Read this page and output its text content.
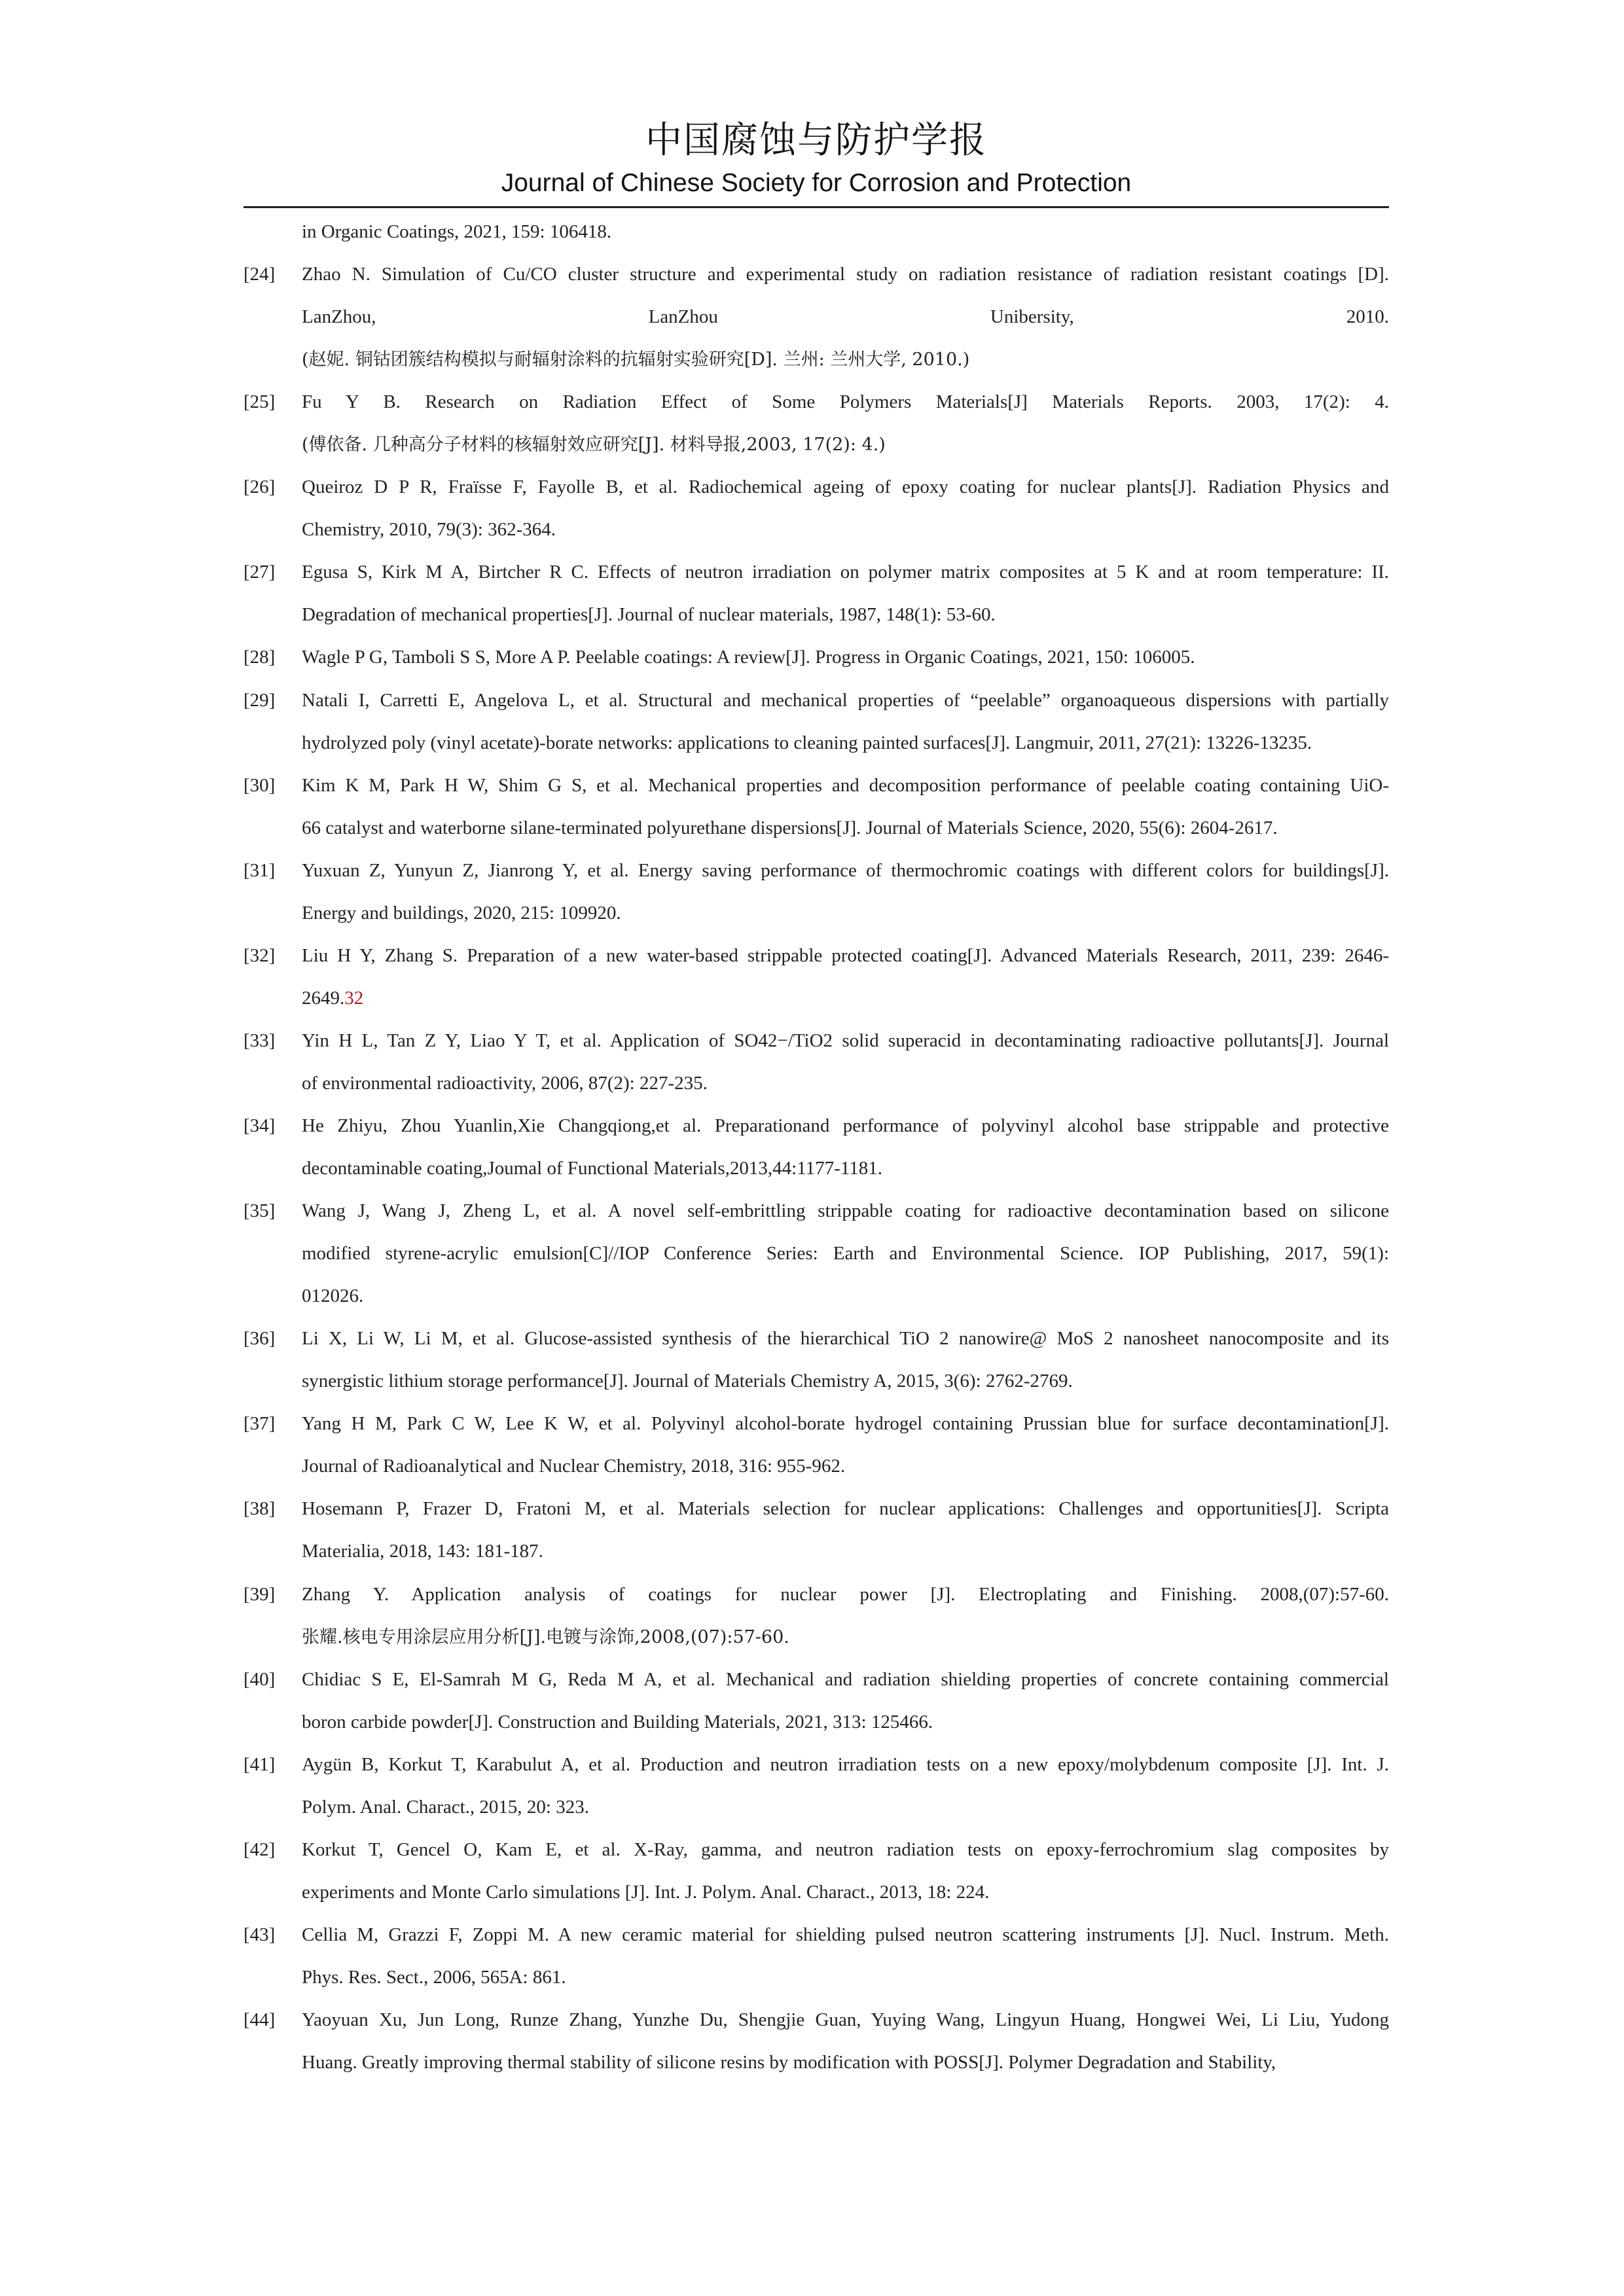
中国腐蚀与防护学报
Journal of Chinese Society for Corrosion and Protection
in Organic Coatings, 2021, 159: 106418.
[24]	Zhao N. Simulation of Cu/CO cluster structure and experimental study on radiation resistance of radiation resistant coatings [D].
LanZhou, LanZhou Unibersity, 2010.
(赵妮. 铜钴团簇结构模拟与耐辐射涂料的抗辐射实验研究[D]. 兰州: 兰州大学, 2010.)
[25]	Fu Y B. Research on Radiation Effect of Some Polymers Materials[J] Materials Reports. 2003, 17(2): 4.
(傅依备. 几种高分子材料的核辐射效应研究[J]. 材料导报,2003, 17(2): 4.)
[26]	Queiroz D P R, Fraïsse F, Fayolle B, et al. Radiochemical ageing of epoxy coating for nuclear plants[J]. Radiation Physics and
Chemistry, 2010, 79(3): 362-364.
[27]	Egusa S, Kirk M A, Birtcher R C. Effects of neutron irradiation on polymer matrix composites at 5 K and at room temperature: II.
Degradation of mechanical properties[J]. Journal of nuclear materials, 1987, 148(1): 53-60.
[28]	Wagle P G, Tamboli S S, More A P. Peelable coatings: A review[J]. Progress in Organic Coatings, 2021, 150: 106005.
[29]	Natali I, Carretti E, Angelova L, et al. Structural and mechanical properties of “peelable” organoaqueous dispersions with partially
hydrolyzed poly (vinyl acetate)-borate networks: applications to cleaning painted surfaces[J]. Langmuir, 2011, 27(21): 13226-13235.
[30]	Kim K M, Park H W, Shim G S, et al. Mechanical properties and decomposition performance of peelable coating containing UiO-
66 catalyst and waterborne silane-terminated polyurethane dispersions[J]. Journal of Materials Science, 2020, 55(6): 2604-2617.
[31]	Yuxuan Z, Yunyun Z, Jianrong Y, et al. Energy saving performance of thermochromic coatings with different colors for buildings[J].
Energy and buildings, 2020, 215: 109920.
[32]	Liu H Y, Zhang S. Preparation of a new water-based strippable protected coating[J]. Advanced Materials Research, 2011, 239: 2646-
2649.32
[33]	Yin H L, Tan Z Y, Liao Y T, et al. Application of SO42−/TiO2 solid superacid in decontaminating radioactive pollutants[J]. Journal
of environmental radioactivity, 2006, 87(2): 227-235.
[34]	He Zhiyu, Zhou Yuanlin,Xie Changqiong,et al. Preparationand performance of polyvinyl alcohol base strippable and protective
decontaminable coating,Joumal of Functional Materials,2013,44:1177-1181.
[35]	Wang J, Wang J, Zheng L, et al. A novel self-embrittling strippable coating for radioactive decontamination based on silicone
modified styrene-acrylic emulsion[C]//IOP Conference Series: Earth and Environmental Science. IOP Publishing, 2017, 59(1):
012026.
[36]	Li X, Li W, Li M, et al. Glucose-assisted synthesis of the hierarchical TiO 2 nanowire@ MoS 2 nanosheet nanocomposite and its
synergistic lithium storage performance[J]. Journal of Materials Chemistry A, 2015, 3(6): 2762-2769.
[37]	Yang H M, Park C W, Lee K W, et al. Polyvinyl alcohol-borate hydrogel containing Prussian blue for surface decontamination[J].
Journal of Radioanalytical and Nuclear Chemistry, 2018, 316: 955-962.
[38]	Hosemann P, Frazer D, Fratoni M, et al. Materials selection for nuclear applications: Challenges and opportunities[J]. Scripta
Materialia, 2018, 143: 181-187.
[39]	Zhang Y. Application analysis of coatings for nuclear power [J]. Electroplating and Finishing. 2008,(07):57-60.
张耀.核电专用涂层应用分析[J].电镀与涂饰,2008,(07):57-60.
[40]	Chidiac S E, El-Samrah M G, Reda M A, et al. Mechanical and radiation shielding properties of concrete containing commercial
boron carbide powder[J]. Construction and Building Materials, 2021, 313: 125466.
[41]	Aygün B, Korkut T, Karabulut A, et al. Production and neutron irradiation tests on a new epoxy/molybdenum composite [J]. Int. J.
Polym. Anal. Charact., 2015, 20: 323.
[42]	Korkut T, Gencel O, Kam E, et al. X-Ray, gamma, and neutron radiation tests on epoxy-ferrochromium slag composites by
experiments and Monte Carlo simulations [J]. Int. J. Polym. Anal. Charact., 2013, 18: 224.
[43]	Cellia M, Grazzi F, Zoppi M. A new ceramic material for shielding pulsed neutron scattering instruments [J]. Nucl. Instrum. Meth.
Phys. Res. Sect., 2006, 565A: 861.
[44]	Yaoyuan Xu, Jun Long, Runze Zhang, Yunzhe Du, Shengjie Guan, Yuying Wang, Lingyun Huang, Hongwei Wei, Li Liu, Yudong
Huang. Greatly improving thermal stability of silicone resins by modification with POSS[J]. Polymer Degradation and Stability,
